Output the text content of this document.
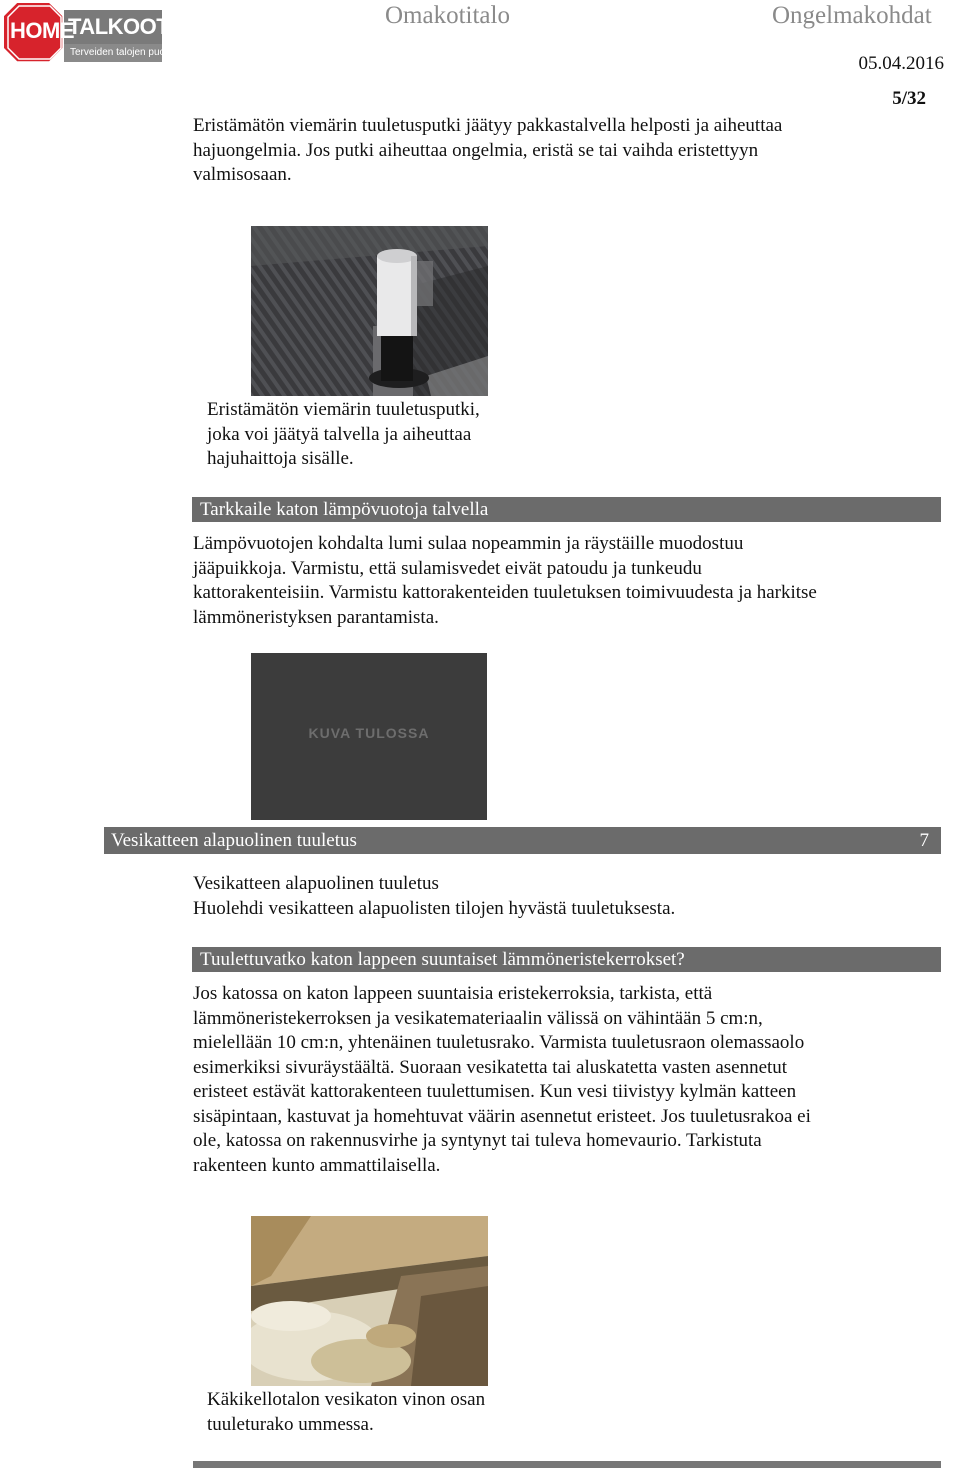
HOME
TALKOOT.FI
Terveiden talojen puolesta
Omakotitalo	Ongelmakohdat
05.04.2016
5/32
Eristämätön viemärin tuuletusputki jäätyy pakkastalvella helposti ja aiheuttaa
hajuongelmia. Jos putki aiheuttaa ongelmia, eristä se tai vaihda eristettyyn
valmisosaan.
Eristämätön viemärin tuuletusputki,
joka voi jäätyä talvella ja aiheuttaa
hajuhaittoja sisälle.
Tarkkaile katon lämpövuotoja talvella
Lämpövuotojen kohdalta lumi sulaa nopeammin ja räystäille muodostuu
jääpuikkoja. Varmistu, että sulamisvedet eivät patoudu ja tunkeudu
kattorakenteisiin. Varmistu kattorakenteiden tuuletuksen toimivuudesta ja harkitse
lämmöneristyksen parantamista.
KUVA TULOSSA
Vesikatteen alapuolinen tuuletus	7
Vesikatteen alapuolinen tuuletus
Huolehdi vesikatteen alapuolisten tilojen hyvästä tuuletuksesta.
Tuulettuvatko katon lappeen suuntaiset lämmöneristekerrokset?
Jos katossa on katon lappeen suuntaisia eristekerroksia, tarkista, että
lämmöneristekerroksen ja vesikatemateriaalin välissä on vähintään 5 cm:n,
mielellään 10 cm:n, yhtenäinen tuuletusrako. Varmista tuuletusraon olemassaolo
esimerkiksi sivuräystäältä. Suoraan vesikatetta tai aluskatetta vasten asennetut
eristeet estävät kattorakenteen tuulettumisen. Kun vesi tiivistyy kylmän katteen
sisäpintaan, kastuvat ja homehtuvat väärin asennetut eristeet. Jos tuuletusrakoa ei
ole, katossa on rakennusvirhe ja syntynyt tai tuleva homevaurio. Tarkistuta
rakenteen kunto ammattilaisella.
Käkikellotalon vesikaton vinon osan
tuuleturako ummessa.
